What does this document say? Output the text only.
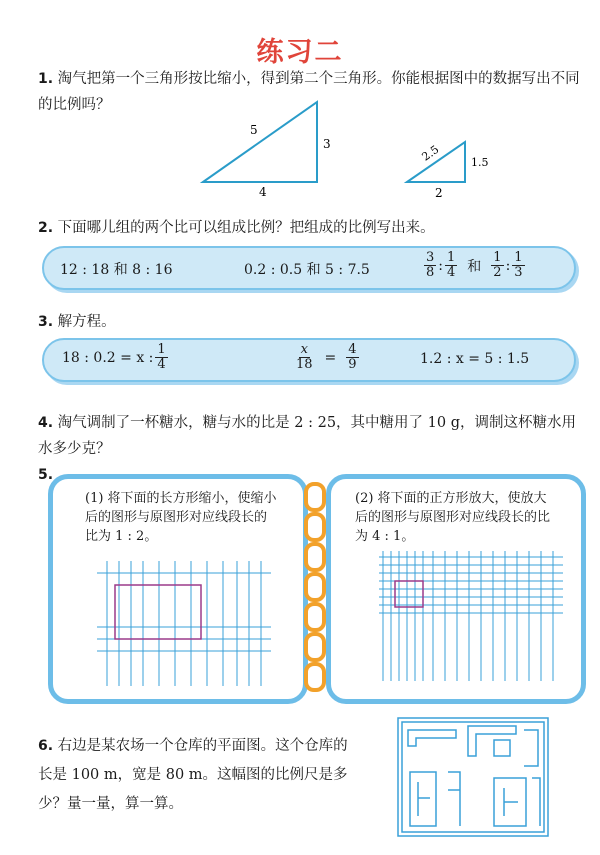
练习二
1. 淘气把第一个三角形按比缩小，得到第二个三角形。你能根据图中的数据写出不同的比例吗？
5
3
4
2.5	1.5
2
2. 下面哪儿组的两个比可以组成比例？把组成的比例写出来。
12 : 18 和 8 : 16	0.2 : 0.5 和 5 : 7.5	$\frac{3}{8}$ : $\frac{1}{4}$ 和 $\frac{1}{2}$ : $\frac{1}{3}$
3. 解方程。
18 : 0.2 = x : $\frac{1}{4}$	$\frac{x}{18} = \frac{4}{9}$	1.2 : x = 5 : 1.5
4. 淘气调制了一杯糖水，糖与水的比是 2 : 25，其中糖用了 10 g，调制这杯糖水用水多少克？
5.
(1) 将下面的长方形缩小，使缩小后的图形与原图形对应线段长的比为 1 : 2。
(2) 将下面的正方形放大，使放大后的图形与原图形对应线段长的比为 4 : 1。
6. 右边是某农场一个仓库的平面图。这个仓库的长是 100 m，宽是 80 m。这幅图的比例尺是多少？量一量，算一算。
